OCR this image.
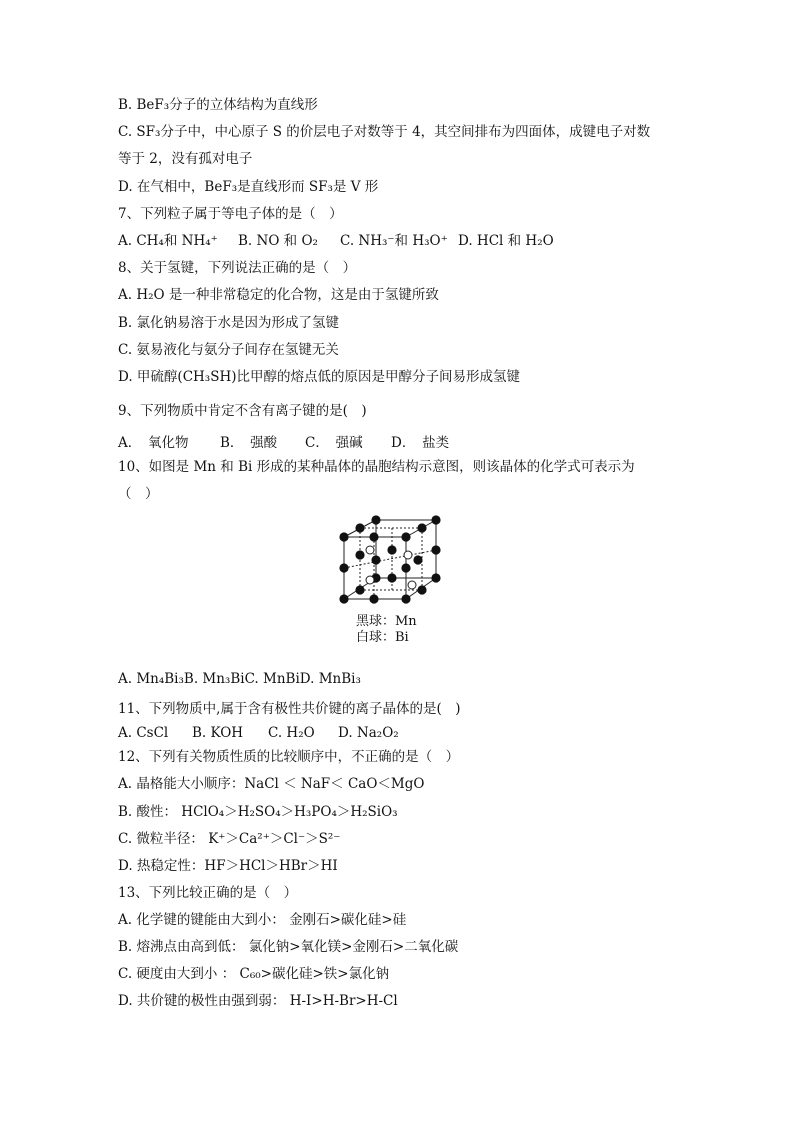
B. BeF₃分子的立体结构为直线形
C. SF₃分子中，中心原子 S 的价层电子对数等于 4，其空间排布为四面体，成键电子对数
等于 2，没有孤对电子
D. 在气相中，BeF₃是直线形而 SF₃是 V 形
7、下列粒子属于等电子体的是（　）
A. CH₄和 NH₄⁺ B. NO 和 O₂ C. NH₃⁻和 H₃O⁺ D. HCl 和 H₂O
8、关于氢键，下列说法正确的是（　）
A. H₂O 是一种非常稳定的化合物，这是由于氢键所致
B. 氯化钠易溶于水是因为形成了氢键
C. 氨易液化与氨分子间存在氢键无关
D. 甲硫醇(CH₃SH)比甲醇的熔点低的原因是甲醇分子间易形成氢键
9、下列物质中肯定不含有离子键的是(　)
A．　氧化物 B．　强酸 C．　强碱 D．　盐类
10、如图是 Mn 和 Bi 形成的某种晶体的晶胞结构示意图，则该晶体的化学式可表示为
（　）
黑球：Mn
白球：Bi
A. Mn₄Bi₃B. Mn₃BiC. MnBiD. MnBi₃
11、下列物质中,属于含有极性共价键的离子晶体的是(　)
A. CsCl B. KOH C. H₂O D. Na₂O₂
12、下列有关物质性质的比较顺序中，不正确的是（　）
A. 晶格能大小顺序：NaCl ＜ NaF＜ CaO＜MgO
B. 酸性： HClO₄＞H₂SO₄＞H₃PO₄＞H₂SiO₃
C. 微粒半径： K⁺＞Ca²⁺＞Cl⁻＞S²⁻
D. 热稳定性：HF＞HCl＞HBr＞HI
13、下列比较正确的是（　）
A. 化学键的键能由大到小： 金刚石>碳化硅>硅
B. 熔沸点由高到低： 氯化钠>氧化镁>金刚石>二氧化碳
C. 硬度由大到小 ： C₆₀>碳化硅>铁>氯化钠
D. 共价键的极性由强到弱： H-I>H-Br>H-Cl
